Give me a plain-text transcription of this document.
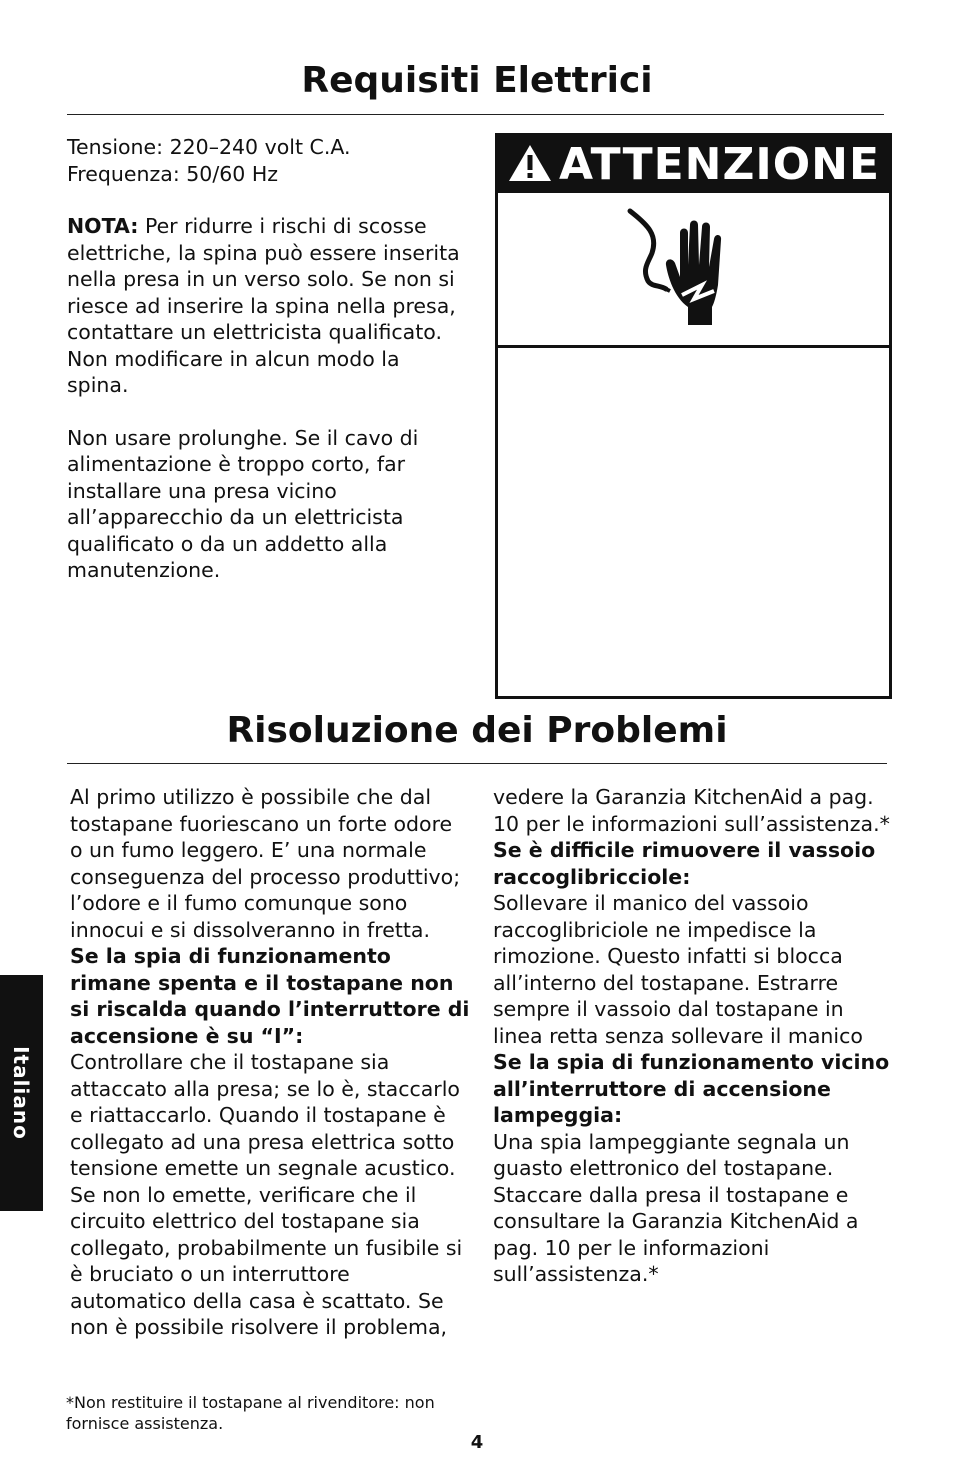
Requisiti Elettrici

Tensione: 220–240 volt C.A.

Frequenza: 50/60 Hz

NOTA: Per ridurre i rischi di scosse elettriche, la spina può essere inserita nella presa in un verso solo. Se non si riesce ad inserire la spina nella presa, contattare un elettricista qualificato. Non modificare in alcun modo la spina.

Non usare prolunghe. Se il cavo di alimentazione è troppo corto, far installare una presa vicino all’apparecchio da un elettricista qualificato o da un addetto alla manutenzione.

ATTENZIONE
Risoluzione dei Problemi

Al primo utilizzo è possibile che dal tostapane fuoriescano un forte odore o un fumo leggero. E’ una normale conseguenza del processo produttivo; l’odore e il fumo comunque sono innocui e si dissolveranno in fretta.

Se la spia di funzionamento rimane spenta e il tostapane non si riscalda quando l’interruttore di accensione è su “I”:

Controllare che il tostapane sia attaccato alla presa; se lo è, staccarlo e riattaccarlo. Quando il tostapane è collegato ad una presa elettrica sotto tensione emette un segnale acustico. Se non lo emette, verificare che il circuito elettrico del tostapane sia collegato, probabilmente un fusibile si è bruciato o un interruttore automatico della casa è scattato. Se non è possibile risolvere il problema,

vedere la Garanzia KitchenAid a pag. 10 per le informazioni sull’assistenza.*

Se è difficile rimuovere il vassoio raccoglibricciole:

Sollevare il manico del vassoio raccoglibriciole ne impedisce la rimozione. Questo infatti si blocca all’interno del tostapane. Estrarre sempre il vassoio dal tostapane in linea retta senza sollevare il manico

Se la spia di funzionamento vicino all’interruttore di accensione lampeggia:

Una spia lampeggiante segnala un guasto elettronico del tostapane. Staccare dalla presa il tostapane e consultare la Garanzia KitchenAid a pag. 10 per le informazioni sull’assistenza.*

Italiano
*Non restituire il tostapane al rivenditore: non fornisce assistenza.
4
